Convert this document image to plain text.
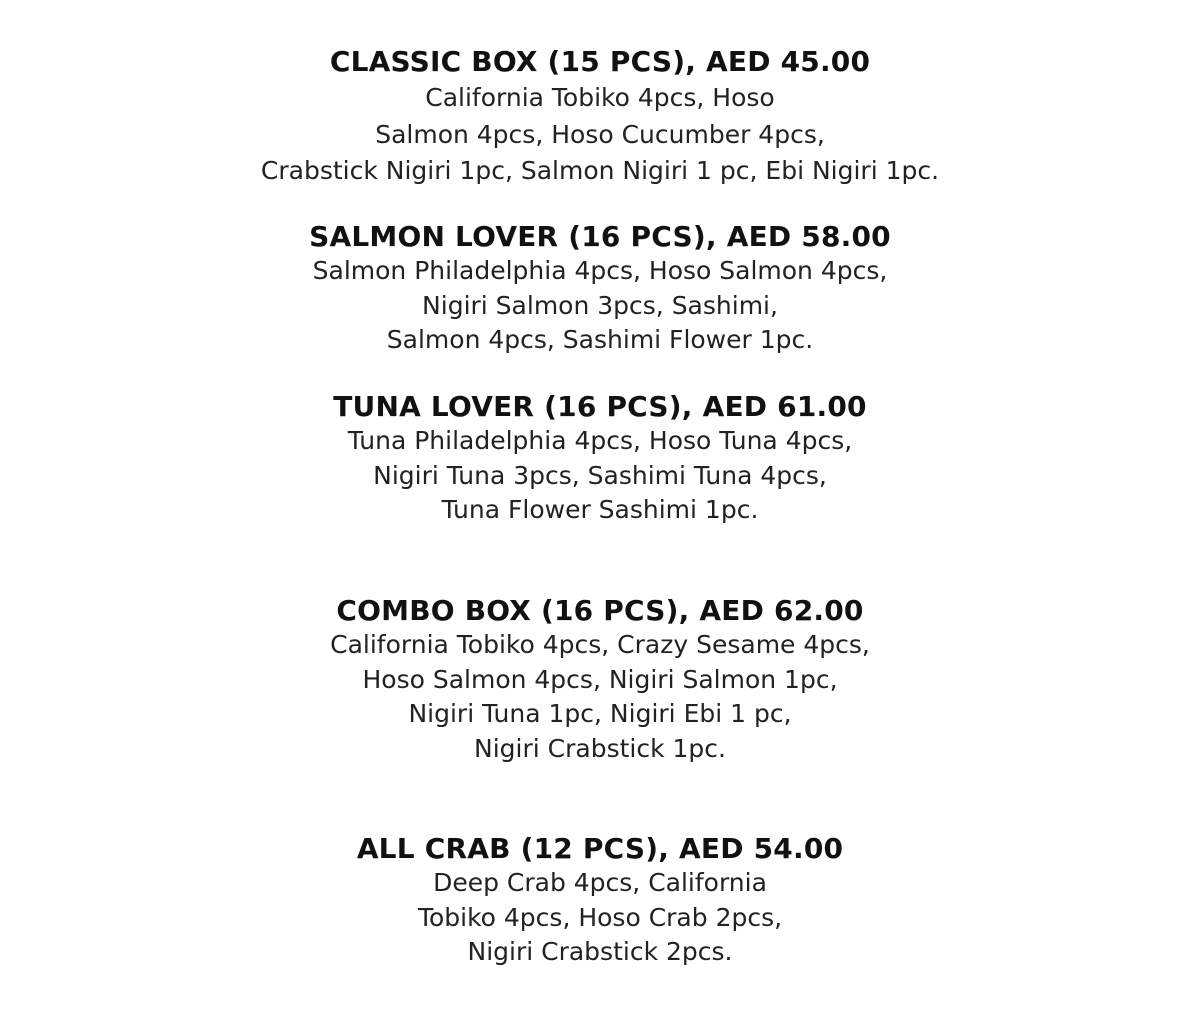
CLASSIC BOX (15 PCS), AED 45.00
California Tobiko 4pcs, Hoso
Salmon 4pcs, Hoso Cucumber 4pcs,
Crabstick Nigiri 1pc, Salmon Nigiri 1 pc, Ebi Nigiri 1pc.
SALMON LOVER (16 PCS), AED 58.00
Salmon Philadelphia 4pcs, Hoso Salmon 4pcs,
Nigiri Salmon 3pcs, Sashimi,
Salmon 4pcs, Sashimi Flower 1pc.
TUNA LOVER (16 PCS), AED 61.00
Tuna Philadelphia 4pcs, Hoso Tuna 4pcs,
Nigiri Tuna 3pcs, Sashimi Tuna 4pcs,
Tuna Flower Sashimi 1pc.
COMBO BOX (16 PCS), AED 62.00
California Tobiko 4pcs, Crazy Sesame 4pcs,
Hoso Salmon 4pcs, Nigiri Salmon 1pc,
Nigiri Tuna 1pc, Nigiri Ebi 1 pc,
Nigiri Crabstick 1pc.
ALL CRAB (12 PCS), AED 54.00
Deep Crab 4pcs, California
Tobiko 4pcs, Hoso Crab 2pcs,
Nigiri Crabstick 2pcs.
